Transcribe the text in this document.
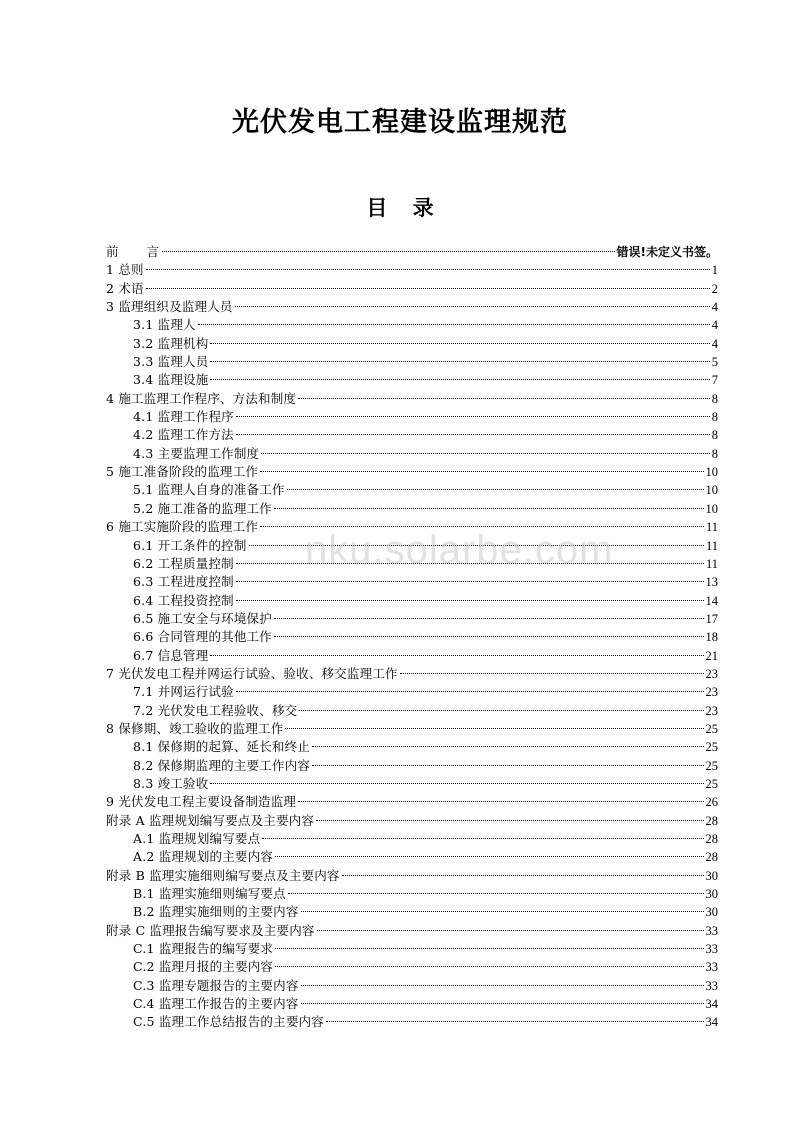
光伏发电工程建设监理规范
目 录
前　　言	错误!未定义书签。
1 总则	1
2 术语	2
3 监理组织及监理人员	4
3.1 监理人	4
3.2 监理机构	4
3.3 监理人员	5
3.4 监理设施	7
4 施工监理工作程序、方法和制度	8
4.1 监理工作程序	8
4.2 监理工作方法	8
4.3 主要监理工作制度	8
5 施工准备阶段的监理工作	10
5.1 监理人自身的准备工作	10
5.2 施工准备的监理工作	10
6 施工实施阶段的监理工作	11
6.1 开工条件的控制	11
6.2 工程质量控制	11
6.3 工程进度控制	13
6.4 工程投资控制	14
6.5 施工安全与环境保护	17
6.6 合同管理的其他工作	18
6.7 信息管理	21
7 光伏发电工程并网运行试验、验收、移交监理工作	23
7.1 并网运行试验	23
7.2 光伏发电工程验收、移交	23
8 保修期、竣工验收的监理工作	25
8.1 保修期的起算、延长和终止	25
8.2 保修期监理的主要工作内容	25
8.3 竣工验收	25
9 光伏发电工程主要设备制造监理	26
附录 A 监理规划编写要点及主要内容	28
A.1 监理规划编写要点	28
A.2 监理规划的主要内容	28
附录 B 监理实施细则编写要点及主要内容	30
B.1 监理实施细则编写要点	30
B.2 监理实施细则的主要内容	30
附录 C 监理报告编写要求及主要内容	33
C.1 监理报告的编写要求	33
C.2 监理月报的主要内容	33
C.3 监理专题报告的主要内容	33
C.4 监理工作报告的主要内容	34
C.5 监理工作总结报告的主要内容	34
nku.solarbe.com
